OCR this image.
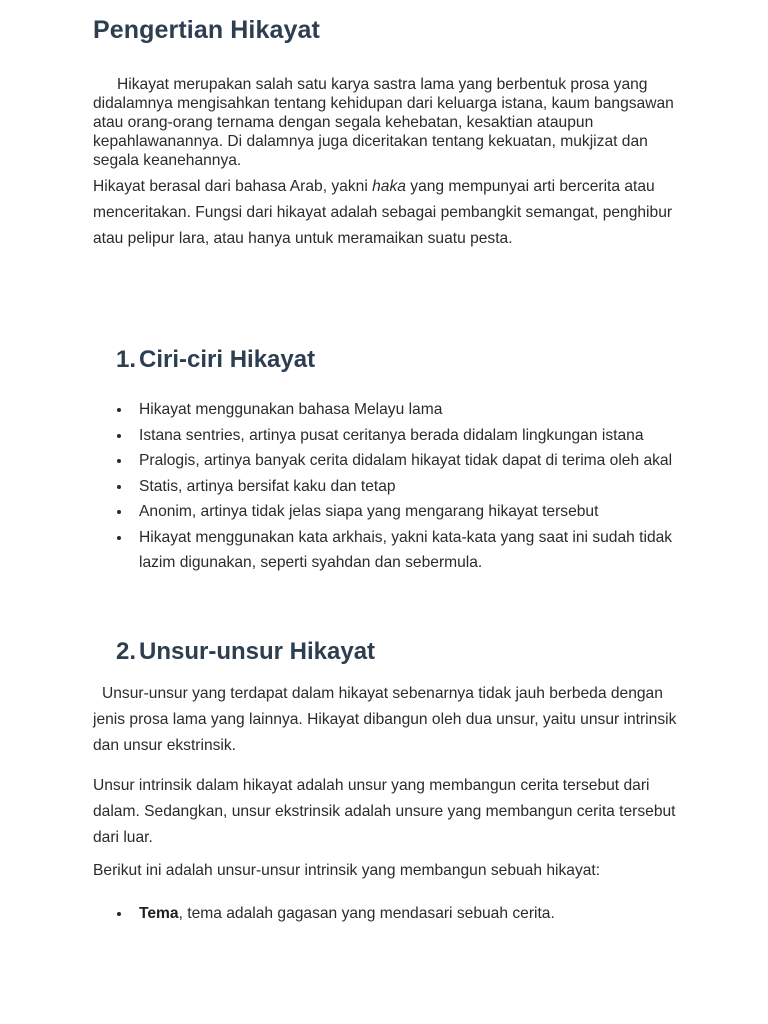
Pengertian Hikayat

Hikayat merupakan salah satu karya sastra lama yang berbentuk prosa yang didalamnya mengisahkan tentang kehidupan dari keluarga istana, kaum bangsawan atau orang-orang ternama dengan segala kehebatan, kesaktian ataupun kepahlawanannya. Di dalamnya juga diceritakan tentang kekuatan, mukjizat dan segala keanehannya.

Hikayat berasal dari bahasa Arab, yakni haka yang mempunyai arti bercerita atau menceritakan. Fungsi dari hikayat adalah sebagai pembangkit semangat, penghibur atau pelipur lara, atau hanya untuk meramaikan suatu pesta.

1. Ciri-ciri Hikayat
Hikayat menggunakan bahasa Melayu lama
Istana sentries, artinya pusat ceritanya berada didalam lingkungan istana
Pralogis, artinya banyak cerita didalam hikayat tidak dapat di terima oleh akal
Statis, artinya bersifat kaku dan tetap
Anonim, artinya tidak jelas siapa yang mengarang hikayat tersebut
Hikayat menggunakan kata arkhais, yakni kata-kata yang saat ini sudah tidak lazim digunakan, seperti syahdan dan sebermula.
2. Unsur-unsur Hikayat

Unsur-unsur yang terdapat dalam hikayat sebenarnya tidak jauh berbeda dengan jenis prosa lama yang lainnya. Hikayat dibangun oleh dua unsur, yaitu unsur intrinsik dan unsur ekstrinsik.

Unsur intrinsik dalam hikayat adalah unsur yang membangun cerita tersebut dari dalam. Sedangkan, unsur ekstrinsik adalah unsure yang membangun cerita tersebut dari luar.

Berikut ini adalah unsur-unsur intrinsik yang membangun sebuah hikayat:

Tema, tema adalah gagasan yang mendasari sebuah cerita.
